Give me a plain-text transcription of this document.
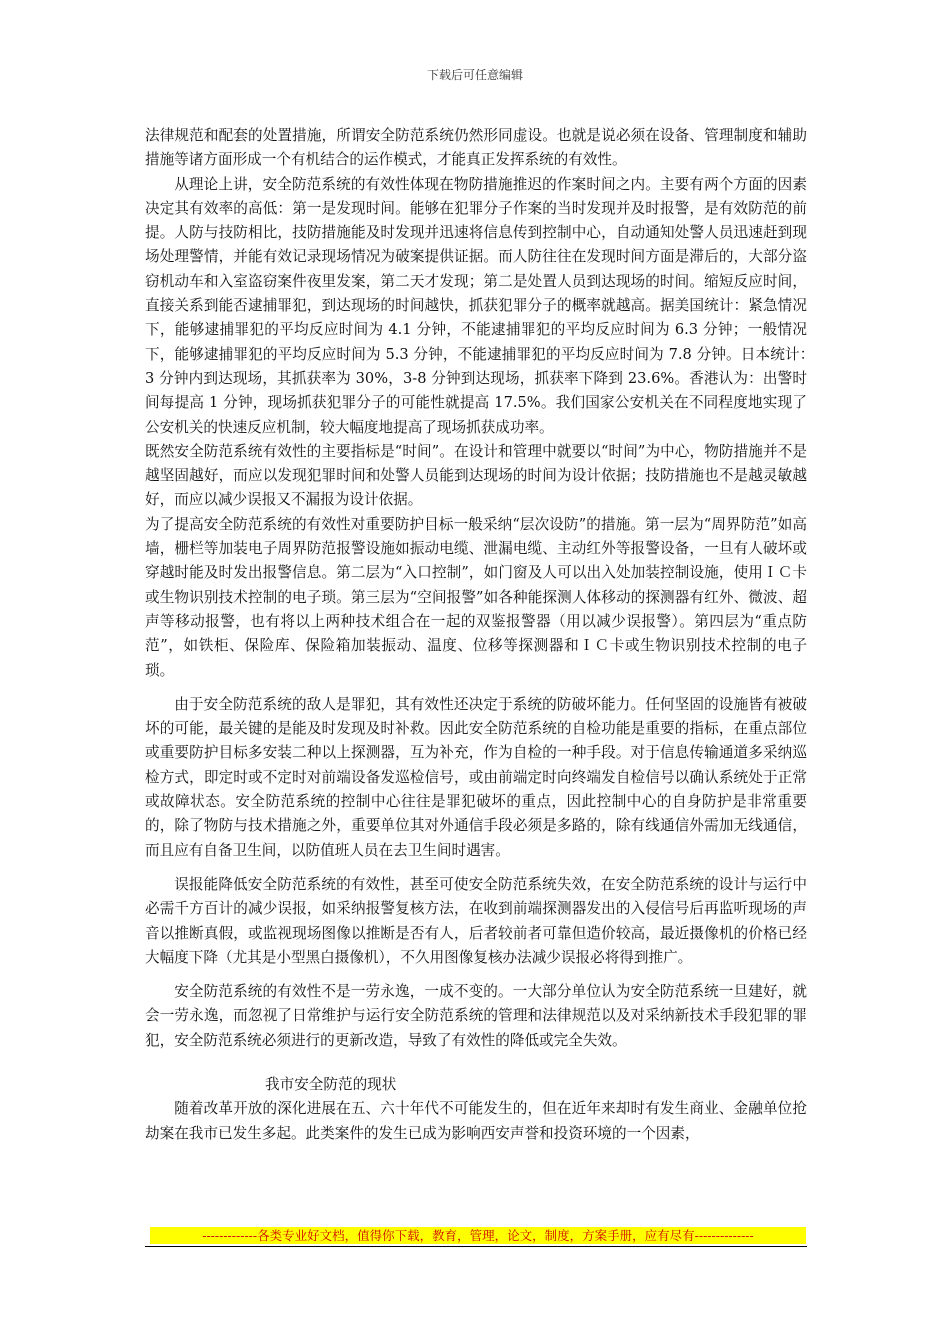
下载后可任意编辑

法律规范和配套的处置措施，所谓安全防范系统仍然形同虚设。也就是说必须在设备、管理制度和辅助措施等诸方面形成一个有机结合的运作模式，才能真正发挥系统的有效性。

从理论上讲，安全防范系统的有效性体现在物防措施推迟的作案时间之内。主要有两个方面的因素决定其有效率的高低：第一是发现时间。能够在犯罪分子作案的当时发现并及时报警，是有效防范的前提。人防与技防相比，技防措施能及时发现并迅速将信息传到控制中心，自动通知处警人员迅速赶到现场处理警情，并能有效记录现场情况为破案提供证据。而人防往往在发现时间方面是滞后的，大部分盗窃机动车和入室盗窃案件夜里发案，第二天才发现；第二是处置人员到达现场的时间。缩短反应时间，直接关系到能否逮捕罪犯，到达现场的时间越快，抓获犯罪分子的概率就越高。据美国统计：紧急情况下，能够逮捕罪犯的平均反应时间为 4.1 分钟，不能逮捕罪犯的平均反应时间为 6.3 分钟；一般情况下，能够逮捕罪犯的平均反应时间为 5.3 分钟，不能逮捕罪犯的平均反应时间为 7.8 分钟。日本统计：　 3 分钟内到达现场，其抓获率为 30%，3-8 分钟到达现场，抓获率下降到 23.6%。香港认为：出警时间每提高 1 分钟，现场抓获犯罪分子的可能性就提高 17.5%。我们国家公安机关在不同程度地实现了公安机关的快速反应机制，较大幅度地提高了现场抓获成功率。

既然安全防范系统有效性的主要指标是“时间”。在设计和管理中就要以“时间”为中心，物防措施并不是越坚固越好，而应以发现犯罪时间和处警人员能到达现场的时间为设计依据；技防措施也不是越灵敏越好，而应以减少误报又不漏报为设计依据。

为了提高安全防范系统的有效性对重要防护目标一般采纳“层次设防”的措施。第一层为“周界防范”如高墙，栅栏等加装电子周界防范报警设施如振动电缆、泄漏电缆、主动红外等报警设备，一旦有人破坏或穿越时能及时发出报警信息。第二层为“入口控制”，如门窗及人可以出入处加装控制设施，使用ＩＣ卡或生物识别技术控制的电子琐。第三层为“空间报警”如各种能探测人体移动的探测器有红外、微波、超声等移动报警，也有将以上两种技术组合在一起的双鉴报警器（用以减少误报警）。第四层为“重点防范”，如铁柜、保险库、保险箱加装振动、温度、位移等探测器和ＩＣ卡或生物识别技术控制的电子琐。

由于安全防范系统的敌人是罪犯，其有效性还决定于系统的防破坏能力。任何坚固的设施皆有被破坏的可能，最关键的是能及时发现及时补救。因此安全防范系统的自检功能是重要的指标，在重点部位或重要防护目标多安装二种以上探测器，互为补充，作为自检的一种手段。对于信息传输通道多采纳巡检方式，即定时或不定时对前端设备发巡检信号，或由前端定时向终端发自检信号以确认系统处于正常或故障状态。安全防范系统的控制中心往往是罪犯破坏的重点，因此控制中心的自身防护是非常重要的，除了物防与技术措施之外，重要单位其对外通信手段必须是多路的，除有线通信外需加无线通信，而且应有自备卫生间，以防值班人员在去卫生间时遇害。

误报能降低安全防范系统的有效性，甚至可使安全防范系统失效，在安全防范系统的设计与运行中必需千方百计的减少误报，如采纳报警复核方法，在收到前端探测器发出的入侵信号后再监听现场的声音以推断真假，或监视现场图像以推断是否有人，后者较前者可靠但造价较高，最近摄像机的价格已经大幅度下降（尤其是小型黑白摄像机），不久用图像复核办法减少误报必将得到推广。

安全防范系统的有效性不是一劳永逸，一成不变的。一大部分单位认为安全防范系统一旦建好，就会一劳永逸，而忽视了日常维护与运行安全防范系统的管理和法律规范以及对采纳新技术手段犯罪的罪犯，安全防范系统必须进行的更新改造，导致了有效性的降低或完全失效。

我市安全防范的现状

随着改革开放的深化进展在五、六十年代不可能发生的，但在近年来却时有发生商业、金融单位抢劫案在我市已发生多起。此类案件的发生已成为影响西安声誉和投资环境的一个因素，

-------------各类专业好文档，值得你下载，教育，管理，论文，制度，方案手册，应有尽有--------------
